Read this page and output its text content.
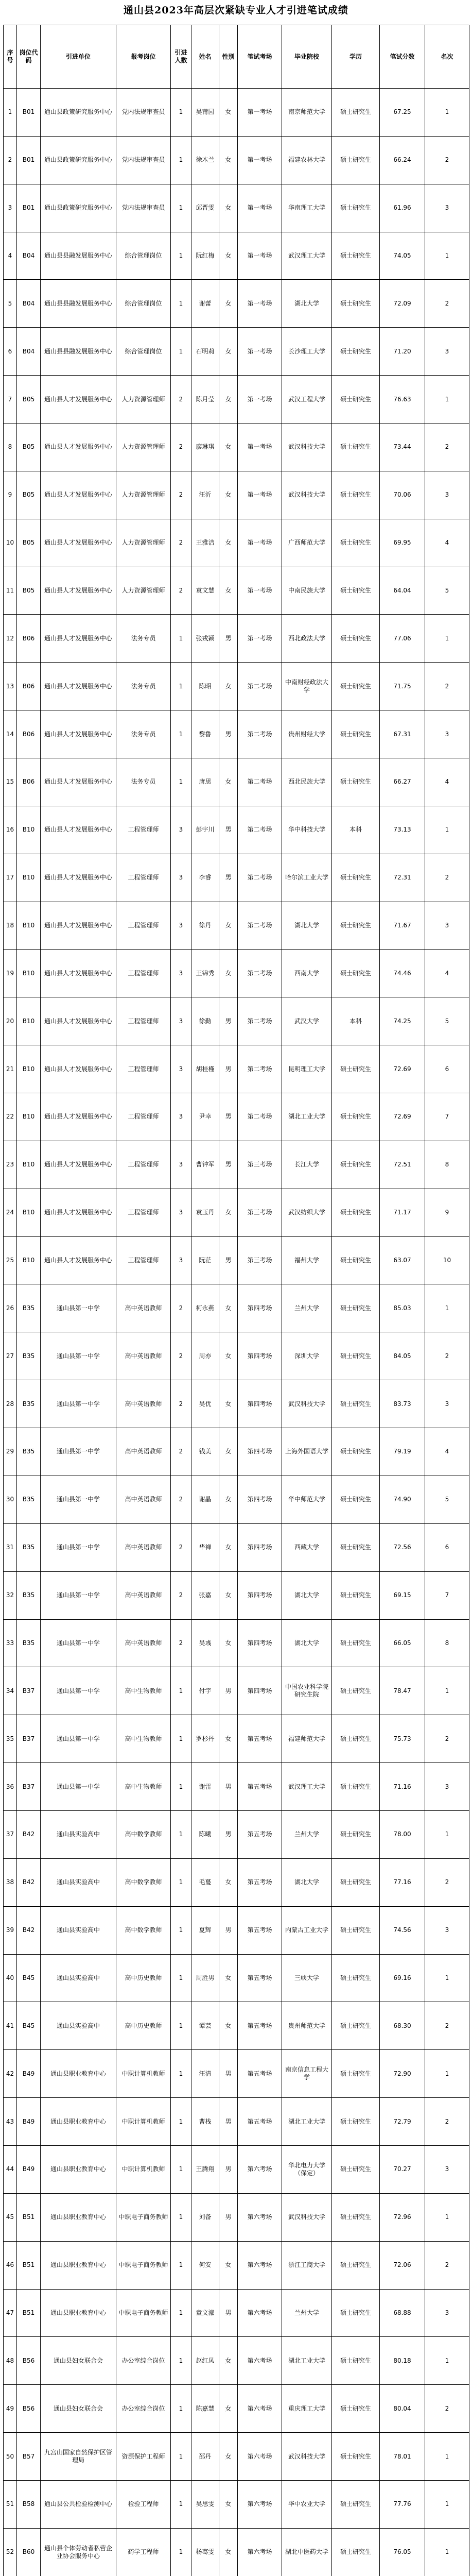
通山县2023年高层次紧缺专业人才引进笔试成绩
序号	岗位代码	引进单位	报考岗位	引进人数	姓名	性别	笔试考场	毕业院校	学历	笔试分数	名次
1	B01	通山县政策研究服务中心	党内法规审查员	1	吴莆园	女	第一考场	南京师范大学	硕士研究生	67.25	1
2	B01	通山县政策研究服务中心	党内法规审查员	1	徐木兰	女	第一考场	福建农林大学	硕士研究生	66.24	2
3	B01	通山县政策研究服务中心	党内法规审查员	1	邱晋雯	女	第一考场	华南理工大学	硕士研究生	61.96	3
4	B04	通山县县融发展服务中心	综合管理岗位	1	阮红梅	女	第一考场	武汉理工大学	硕士研究生	74.05	1
5	B04	通山县县融发展服务中心	综合管理岗位	1	谢蕾	女	第一考场	湖北大学	硕士研究生	72.09	2
6	B04	通山县县融发展服务中心	综合管理岗位	1	石明莉	女	第一考场	长沙理工大学	硕士研究生	71.20	3
7	B05	通山县人才发展服务中心	人力资源管理师	2	陈月莹	女	第一考场	武汉工程大学	硕士研究生	76.63	1
8	B05	通山县人才发展服务中心	人力资源管理师	2	廖琳琪	女	第一考场	武汉科技大学	硕士研究生	73.44	2
9	B05	通山县人才发展服务中心	人力资源管理师	2	汪沂	女	第一考场	武汉科技大学	硕士研究生	70.06	3
10	B05	通山县人才发展服务中心	人力资源管理师	2	王雅洁	女	第一考场	广西师范大学	硕士研究生	69.95	4
11	B05	通山县人才发展服务中心	人力资源管理师	2	袁文慧	女	第一考场	中南民族大学	硕士研究生	64.04	5
12	B06	通山县人才发展服务中心	法务专员	1	张戎颖	男	第一考场	西北政法大学	硕士研究生	77.06	1
13	B06	通山县人才发展服务中心	法务专员	1	陈昭	女	第二考场	中南财经政法大学	硕士研究生	71.75	2
14	B06	通山县人才发展服务中心	法务专员	1	黎鲁	男	第二考场	贵州财经大学	硕士研究生	67.31	3
15	B06	通山县人才发展服务中心	法务专员	1	唐思	女	第二考场	西北民族大学	硕士研究生	66.27	4
16	B10	通山县人才发展服务中心	工程管理师	3	彭宇川	男	第二考场	华中科技大学	本科	73.13	1
17	B10	通山县人才发展服务中心	工程管理师	3	李睿	男	第二考场	哈尔滨工业大学	硕士研究生	72.31	2
18	B10	通山县人才发展服务中心	工程管理师	3	徐丹	女	第二考场	湖北大学	硕士研究生	71.67	3
19	B10	通山县人才发展服务中心	工程管理师	3	王锦秀	女	第二考场	西南大学	硕士研究生	74.46	4
20	B10	通山县人才发展服务中心	工程管理师	3	徐勤	男	第二考场	武汉大学	本科	74.25	5
21	B10	通山县人才发展服务中心	工程管理师	3	胡桂槿	男	第二考场	昆明理工大学	硕士研究生	72.69	6
22	B10	通山县人才发展服务中心	工程管理师	3	尹幸	男	第二考场	湖北工业大学	硕士研究生	72.69	7
23	B10	通山县人才发展服务中心	工程管理师	3	曹钟军	男	第三考场	长江大学	硕士研究生	72.51	8
24	B10	通山县人才发展服务中心	工程管理师	3	袁玉丹	女	第三考场	武汉纺织大学	硕士研究生	71.17	9
25	B10	通山县人才发展服务中心	工程管理师	3	阮茫	男	第三考场	福州大学	硕士研究生	63.07	10
26	B35	通山县第一中学	高中英语教师	2	柯永燕	女	第四考场	兰州大学	硕士研究生	85.03	1
27	B35	通山县第一中学	高中英语教师	2	周亦	女	第四考场	深圳大学	硕士研究生	84.05	2
28	B35	通山县第一中学	高中英语教师	2	吴优	女	第四考场	武汉科技大学	硕士研究生	83.73	3
29	B35	通山县第一中学	高中英语教师	2	钱美	女	第四考场	上海外国语大学	硕士研究生	79.19	4
30	B35	通山县第一中学	高中英语教师	2	谢晶	女	第四考场	华中师范大学	硕士研究生	74.90	5
31	B35	通山县第一中学	高中英语教师	2	华禅	女	第四考场	西藏大学	硕士研究生	72.56	6
32	B35	通山县第一中学	高中英语教师	2	张嘉	女	第四考场	湖北大学	硕士研究生	69.15	7
33	B35	通山县第一中学	高中英语教师	2	吴彧	女	第四考场	湖北大学	硕士研究生	66.05	8
34	B37	通山县第一中学	高中生物教师	1	付宇	男	第四考场	中国农业科学院研究生院	硕士研究生	78.47	1
35	B37	通山县第一中学	高中生物教师	1	罗杉丹	女	第五考场	福建师范大学	硕士研究生	75.73	2
36	B37	通山县第一中学	高中生物教师	1	谢雷	男	第五考场	武汉理工大学	硕士研究生	71.16	3
37	B42	通山县实验高中	高中数学教师	1	陈曦	男	第五考场	兰州大学	硕士研究生	78.00	1
38	B42	通山县实验高中	高中数学教师	1	毛蔓	女	第五考场	湖北大学	硕士研究生	77.16	2
39	B42	通山县实验高中	高中数学教师	1	夏辉	男	第五考场	内蒙古工业大学	硕士研究生	74.56	3
40	B45	通山县实验高中	高中历史教师	1	周胜男	女	第五考场	三峡大学	硕士研究生	69.16	1
41	B45	通山县实验高中	高中历史教师	1	谭芸	女	第五考场	贵州师范大学	硕士研究生	68.30	2
42	B49	通山县职业教育中心	中职计算机教师	1	汪清	男	第五考场	南京信息工程大学	硕士研究生	72.90	1
43	B49	通山县职业教育中心	中职计算机教师	1	曹栈	男	第五考场	湖北工业大学	硕士研究生	72.79	2
44	B49	通山县职业教育中心	中职计算机教师	1	王腾翔	男	第六考场	华北电力大学（保定）	硕士研究生	70.27	3
45	B51	通山县职业教育中心	中职电子商务教师	1	刘备	男	第六考场	武汉科技大学	硕士研究生	72.96	1
46	B51	通山县职业教育中心	中职电子商务教师	1	何安	女	第六考场	浙江工商大学	硕士研究生	72.06	2
47	B51	通山县职业教育中心	中职电子商务教师	1	童文濠	男	第六考场	兰州大学	硕士研究生	68.88	3
48	B56	通山县妇女联合会	办公室综合岗位	1	赵红凤	女	第六考场	湖北工业大学	硕士研究生	80.18	1
49	B56	通山县妇女联合会	办公室综合岗位	1	陈嘉慧	女	第六考场	重庆理工大学	硕士研究生	80.04	2
50	B57	九宫山国家自然保护区管理局	资源保护工程师	1	邵丹	女	第六考场	武汉科技大学	硕士研究生	78.01	1
51	B58	通山县公共检验检测中心	检验工程师	1	吴思雯	女	第六考场	华中农业大学	硕士研究生	77.76	1
52	B60	通山县个体劳动者私营企业协会服务中心	药学工程师	1	杨骞雯	女	第六考场	湖北中医药大学	硕士研究生	76.05	1
